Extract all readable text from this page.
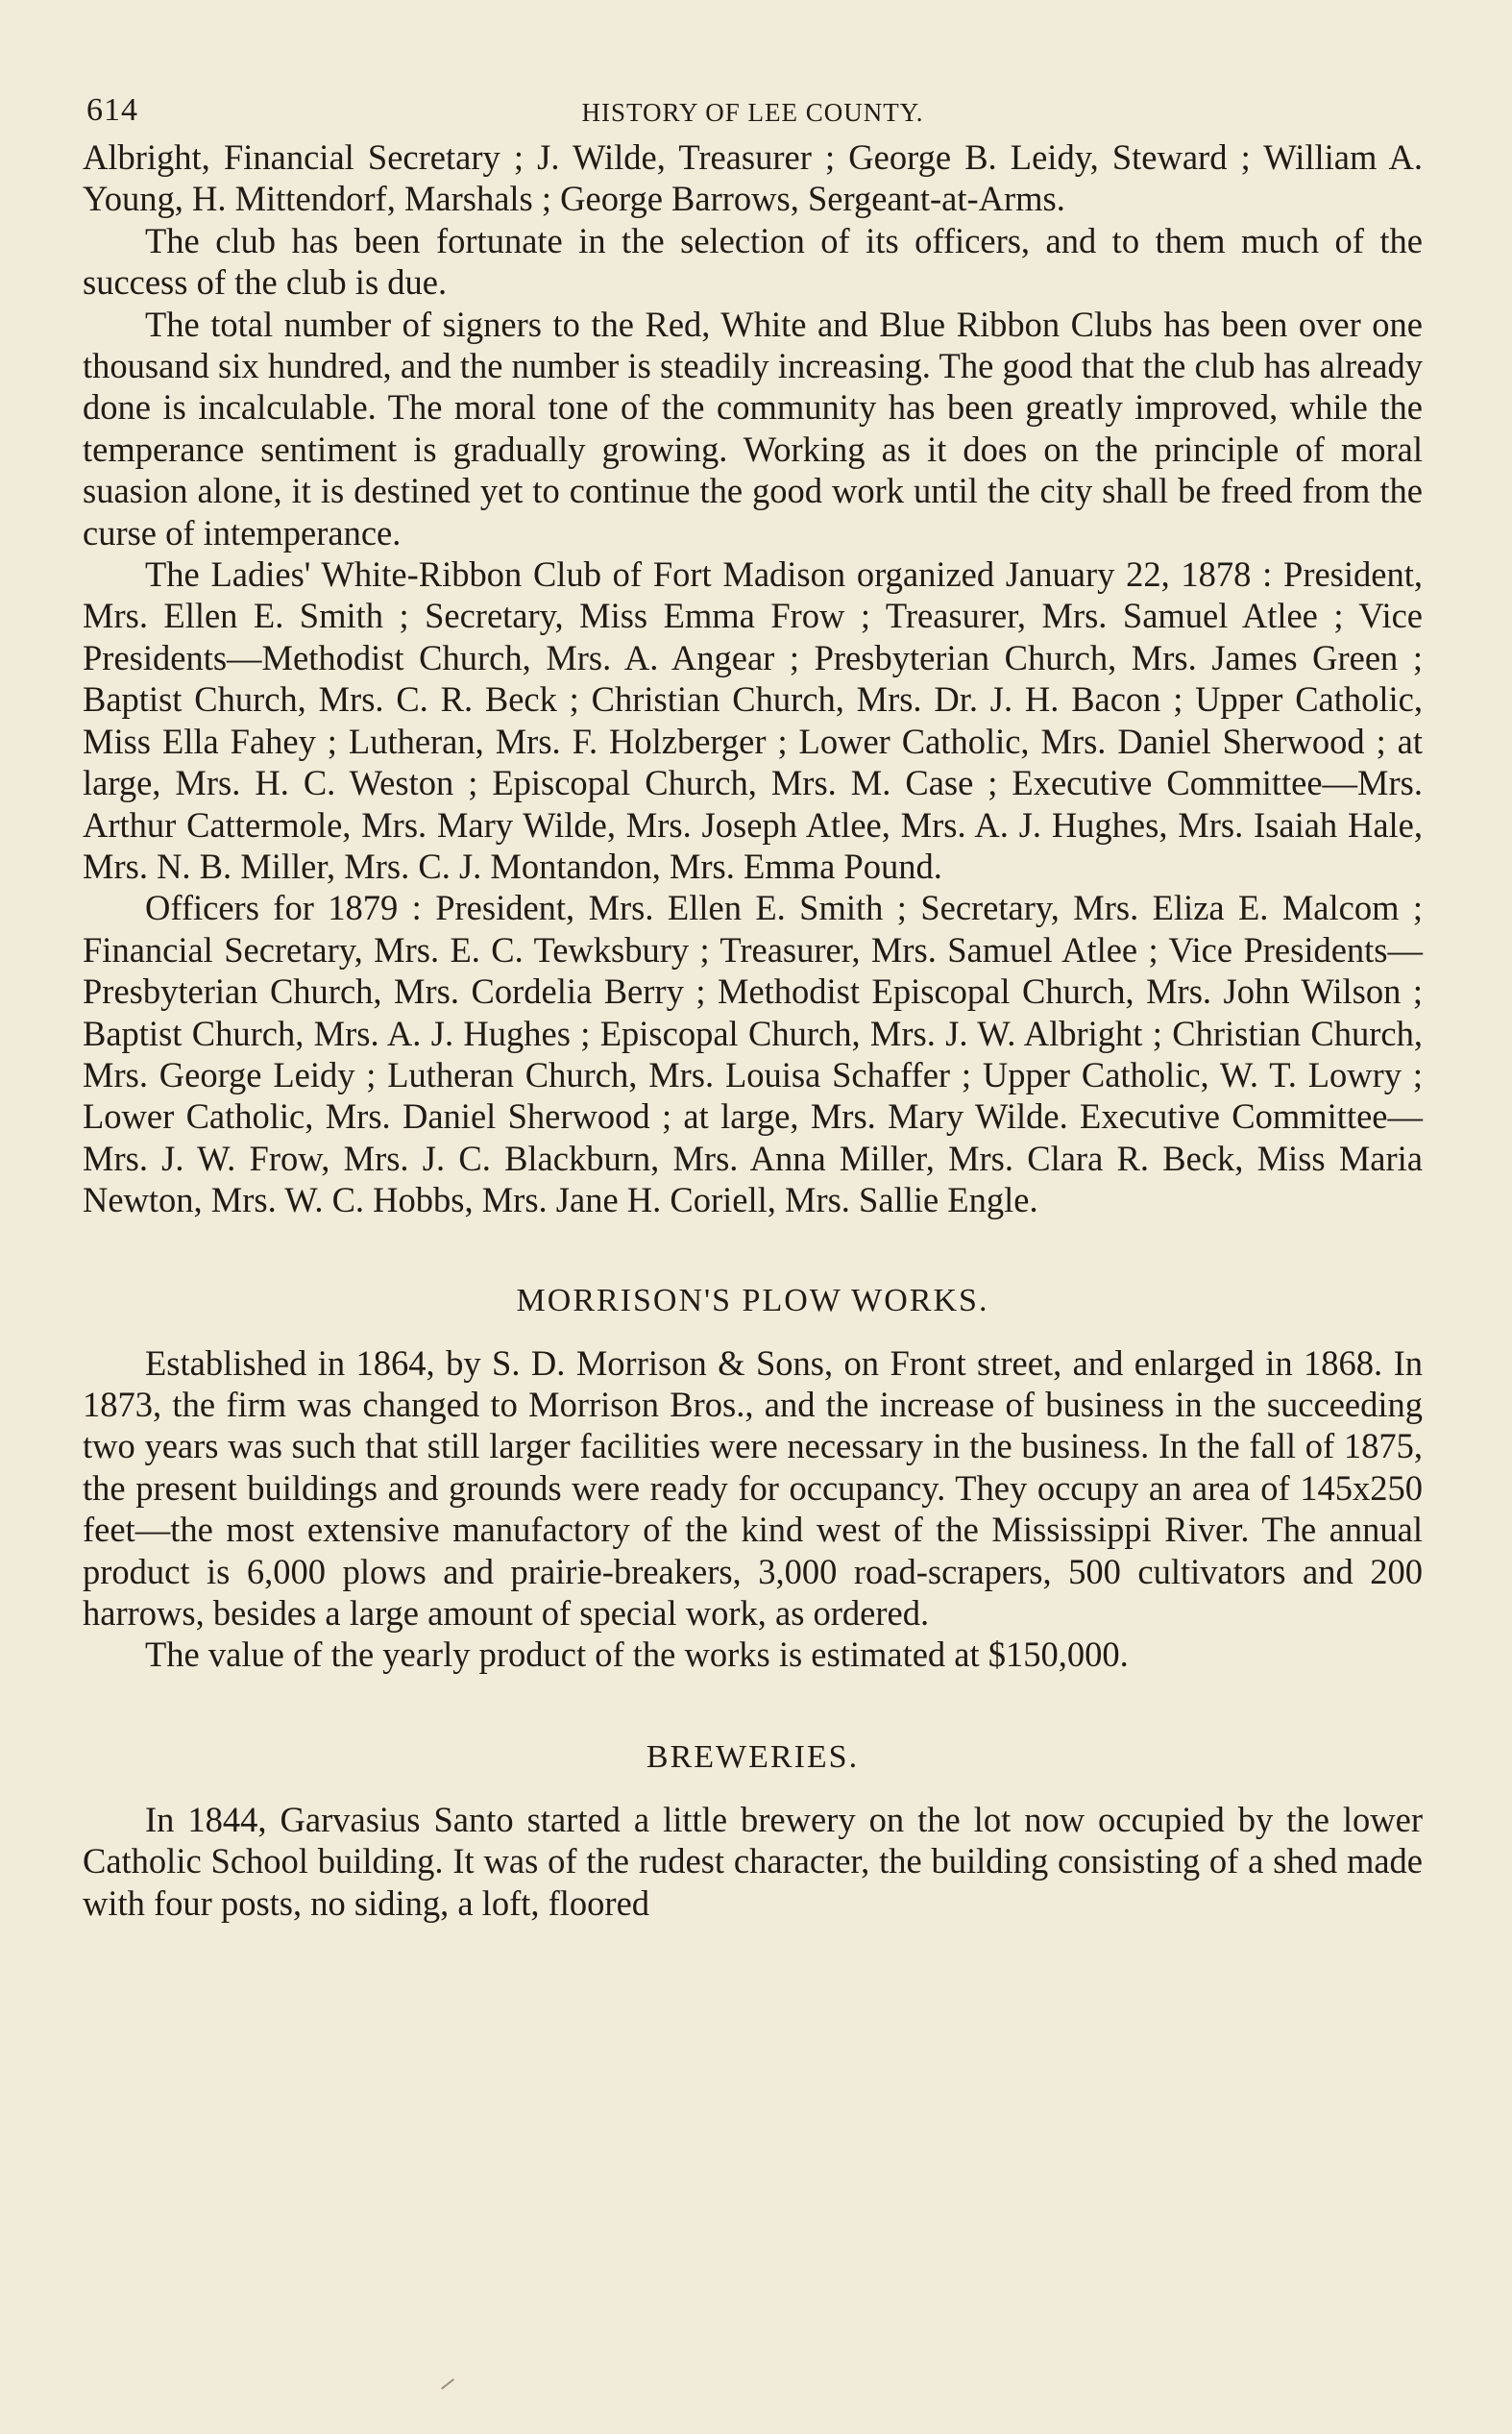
614	HISTORY OF LEE COUNTY.

Albright, Financial Secretary ; J. Wilde, Treasurer ; George B. Leidy, Steward ; William A. Young, H. Mittendorf, Marshals ; George Barrows, Sergeant-at-Arms.

The club has been fortunate in the selection of its officers, and to them much of the success of the club is due.

The total number of signers to the Red, White and Blue Ribbon Clubs has been over one thousand six hundred, and the number is steadily increasing. The good that the club has already done is incalculable. The moral tone of the community has been greatly improved, while the temperance sentiment is gradually growing. Working as it does on the principle of moral suasion alone, it is destined yet to continue the good work until the city shall be freed from the curse of intemperance.

The Ladies' White-Ribbon Club of Fort Madison organized January 22, 1878 : President, Mrs. Ellen E. Smith ; Secretary, Miss Emma Frow ; Treasurer, Mrs. Samuel Atlee ; Vice Presidents—Methodist Church, Mrs. A. Angear ; Presbyterian Church, Mrs. James Green ; Baptist Church, Mrs. C. R. Beck ; Christian Church, Mrs. Dr. J. H. Bacon ; Upper Catholic, Miss Ella Fahey ; Lutheran, Mrs. F. Holzberger ; Lower Catholic, Mrs. Daniel Sherwood ; at large, Mrs. H. C. Weston ; Episcopal Church, Mrs. M. Case ; Executive Committee—Mrs. Arthur Cattermole, Mrs. Mary Wilde, Mrs. Joseph Atlee, Mrs. A. J. Hughes, Mrs. Isaiah Hale, Mrs. N. B. Miller, Mrs. C. J. Montandon, Mrs. Emma Pound.

Officers for 1879 : President, Mrs. Ellen E. Smith ; Secretary, Mrs. Eliza E. Malcom ; Financial Secretary, Mrs. E. C. Tewksbury ; Treasurer, Mrs. Samuel Atlee ; Vice Presidents—Presbyterian Church, Mrs. Cordelia Berry ; Methodist Episcopal Church, Mrs. John Wilson ; Baptist Church, Mrs. A. J. Hughes ; Episcopal Church, Mrs. J. W. Albright ; Christian Church, Mrs. George Leidy ; Lutheran Church, Mrs. Louisa Schaffer ; Upper Catholic, W. T. Lowry ; Lower Catholic, Mrs. Daniel Sherwood ; at large, Mrs. Mary Wilde. Executive Committee—Mrs. J. W. Frow, Mrs. J. C. Blackburn, Mrs. Anna Miller, Mrs. Clara R. Beck, Miss Maria Newton, Mrs. W. C. Hobbs, Mrs. Jane H. Coriell, Mrs. Sallie Engle.

MORRISON'S PLOW WORKS.

Established in 1864, by S. D. Morrison & Sons, on Front street, and enlarged in 1868. In 1873, the firm was changed to Morrison Bros., and the increase of business in the succeeding two years was such that still larger facilities were necessary in the business. In the fall of 1875, the present buildings and grounds were ready for occupancy. They occupy an area of 145x250 feet—the most extensive manufactory of the kind west of the Mississippi River. The annual product is 6,000 plows and prairie-breakers, 3,000 road-scrapers, 500 cultivators and 200 harrows, besides a large amount of special work, as ordered.

The value of the yearly product of the works is estimated at $150,000.

BREWERIES.

In 1844, Garvasius Santo started a little brewery on the lot now occupied by the lower Catholic School building. It was of the rudest character, the building consisting of a shed made with four posts, no siding, a loft, floored
